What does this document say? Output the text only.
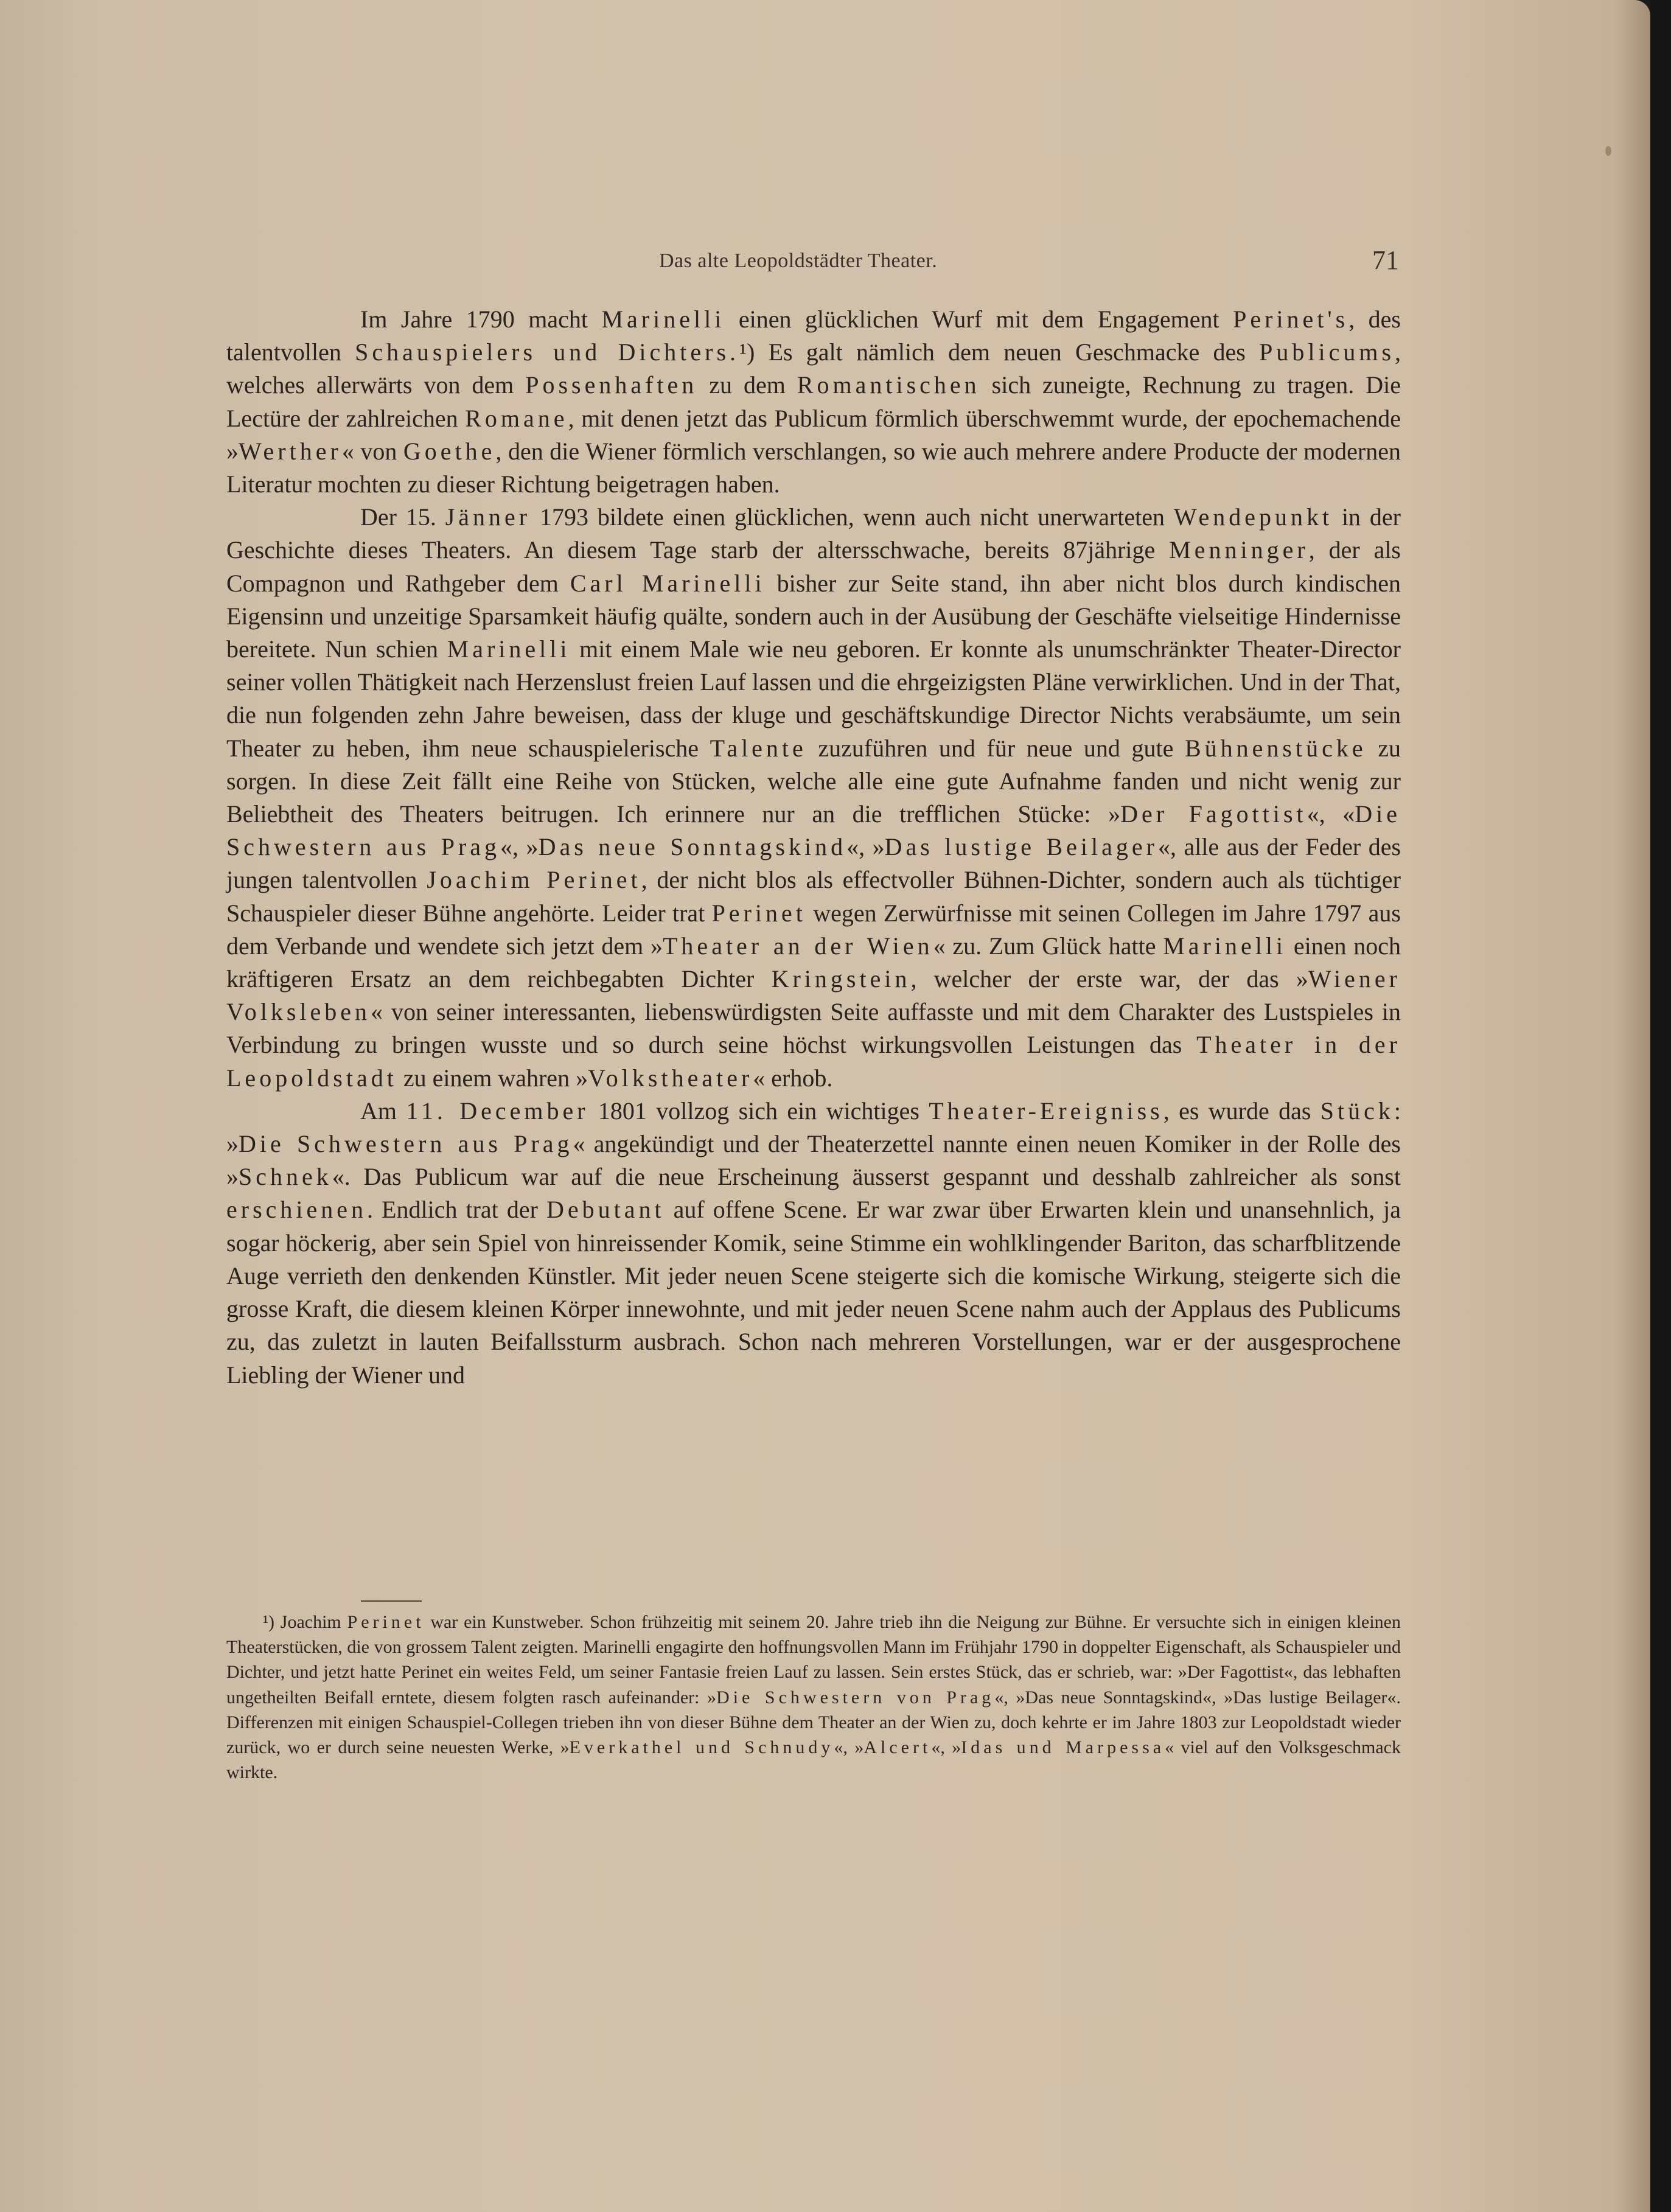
Das alte Leopoldstädter Theater.	71

Im Jahre 1790 macht Marinelli einen glücklichen Wurf mit dem Engagement Perinet's, des talentvollen Schauspielers und Dichters.¹) Es galt nämlich dem neuen Geschmacke des Publicums, welches allerwärts von dem Possenhaften zu dem Romantischen sich zuneigte, Rechnung zu tragen. Die Lectüre der zahlreichen Romane, mit denen jetzt das Publicum förmlich überschwemmt wurde, der epochemachende »Werther« von Goethe, den die Wiener förmlich verschlangen, so wie auch mehrere andere Producte der modernen Literatur mochten zu dieser Richtung beigetragen haben.

Der 15. Jänner 1793 bildete einen glücklichen, wenn auch nicht unerwarteten Wendepunkt in der Geschichte dieses Theaters. An diesem Tage starb der altersschwache, bereits 87jährige Menninger, der als Compagnon und Rathgeber dem Carl Marinelli bisher zur Seite stand, ihn aber nicht blos durch kindischen Eigensinn und unzeitige Sparsamkeit häufig quälte, sondern auch in der Ausübung der Geschäfte vielseitige Hindernisse bereitete. Nun schien Marinelli mit einem Male wie neu geboren. Er konnte als unumschränkter Theater-Director seiner vollen Thätigkeit nach Herzenslust freien Lauf lassen und die ehrgeizigsten Pläne verwirklichen. Und in der That, die nun folgenden zehn Jahre beweisen, dass der kluge und geschäftskundige Director Nichts verabsäumte, um sein Theater zu heben, ihm neue schauspielerische Talente zuzuführen und für neue und gute Bühnenstücke zu sorgen. In diese Zeit fällt eine Reihe von Stücken, welche alle eine gute Aufnahme fanden und nicht wenig zur Beliebtheit des Theaters beitrugen. Ich erinnere nur an die trefflichen Stücke: »Der Fagottist«, «Die Schwestern aus Prag«, »Das neue Sonntagskind«, »Das lustige Beilager«, alle aus der Feder des jungen talentvollen Joachim Perinet, der nicht blos als effectvoller Bühnen-Dichter, sondern auch als tüchtiger Schauspieler dieser Bühne angehörte. Leider trat Perinet wegen Zerwürfnisse mit seinen Collegen im Jahre 1797 aus dem Verbande und wendete sich jetzt dem »Theater an der Wien« zu. Zum Glück hatte Marinelli einen noch kräftigeren Ersatz an dem reichbegabten Dichter Kringstein, welcher der erste war, der das »Wiener Volksleben« von seiner interessanten, liebenswürdigsten Seite auffasste und mit dem Charakter des Lustspieles in Verbindung zu bringen wusste und so durch seine höchst wirkungsvollen Leistungen das Theater in der Leopoldstadt zu einem wahren »Volkstheater« erhob.

Am 11. December 1801 vollzog sich ein wichtiges Theater-Ereigniss, es wurde das Stück: »Die Schwestern aus Prag« angekündigt und der Theaterzettel nannte einen neuen Komiker in der Rolle des »Schnek«. Das Publicum war auf die neue Erscheinung äusserst gespannt und desshalb zahlreicher als sonst erschienen. Endlich trat der Debutant auf offene Scene. Er war zwar über Erwarten klein und unansehnlich, ja sogar höckerig, aber sein Spiel von hinreissender Komik, seine Stimme ein wohlklingender Bariton, das scharfblitzende Auge verrieth den denkenden Künstler. Mit jeder neuen Scene steigerte sich die komische Wirkung, steigerte sich die grosse Kraft, die diesem kleinen Körper innewohnte, und mit jeder neuen Scene nahm auch der Applaus des Publicums zu, das zuletzt in lauten Beifallssturm ausbrach. Schon nach mehreren Vorstellungen, war er der ausgesprochene Liebling der Wiener und

¹) Joachim Perinet war ein Kunstweber. Schon frühzeitig mit seinem 20. Jahre trieb ihn die Neigung zur Bühne. Er versuchte sich in einigen kleinen Theaterstücken, die von grossem Talent zeigten. Marinelli engagirte den hoffnungsvollen Mann im Frühjahr 1790 in doppelter Eigenschaft, als Schauspieler und Dichter, und jetzt hatte Perinet ein weites Feld, um seiner Fantasie freien Lauf zu lassen. Sein erstes Stück, das er schrieb, war: »Der Fagottist«, das lebhaften ungetheilten Beifall erntete, diesem folgten rasch aufeinander: »Die Schwestern von Prag«, »Das neue Sonntagskind«, »Das lustige Beilager«. Differenzen mit einigen Schauspiel-Collegen trieben ihn von dieser Bühne dem Theater an der Wien zu, doch kehrte er im Jahre 1803 zur Leopoldstadt wieder zurück, wo er durch seine neuesten Werke, »Everkathel und Schnudy«, »Alcert«, »Idas und Marpessa« viel auf den Volksgeschmack wirkte.
